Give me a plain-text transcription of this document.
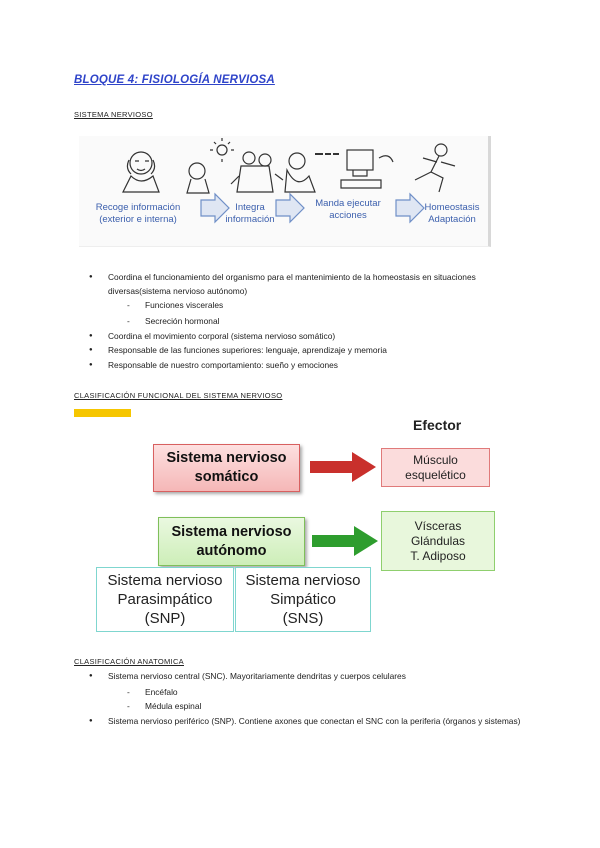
BLOQUE 4: FISIOLOGÍA NERVIOSA
SISTEMA NERVIOSO
Recoge información
(exterior e interna)
Integra
información
Manda ejecutar
acciones
Homeostasis
Adaptación
● Coordina el funcionamiento del organismo para el mantenimiento de la homeostasis en situaciones diversas(sistema nervioso autónomo)
- Funciones viscerales
- Secreción hormonal
● Coordina el movimiento corporal (sistema nervioso somático)
● Responsable de las funciones superiores: lenguaje, aprendizaje y memoria
● Responsable de nuestro comportamiento: sueño y emociones
CLASIFICACIÓN FUNCIONAL DEL SISTEMA NERVIOSO
Efector
Sistema nervioso
somático
Músculo
esquelético
Sistema nervioso
autónomo
Vísceras
Glándulas
T. Adiposo
Sistema nervioso
Parasimpático
(SNP)
Sistema nervioso
Simpático
(SNS)
CLASIFICACIÓN ANATOMICA
● Sistema nervioso central (SNC). Mayoritariamente dendritas y cuerpos celulares
- Encéfalo
- Médula espinal
● Sistema nervioso periférico (SNP). Contiene axones que conectan el SNC con la periferia (órganos y sistemas)
